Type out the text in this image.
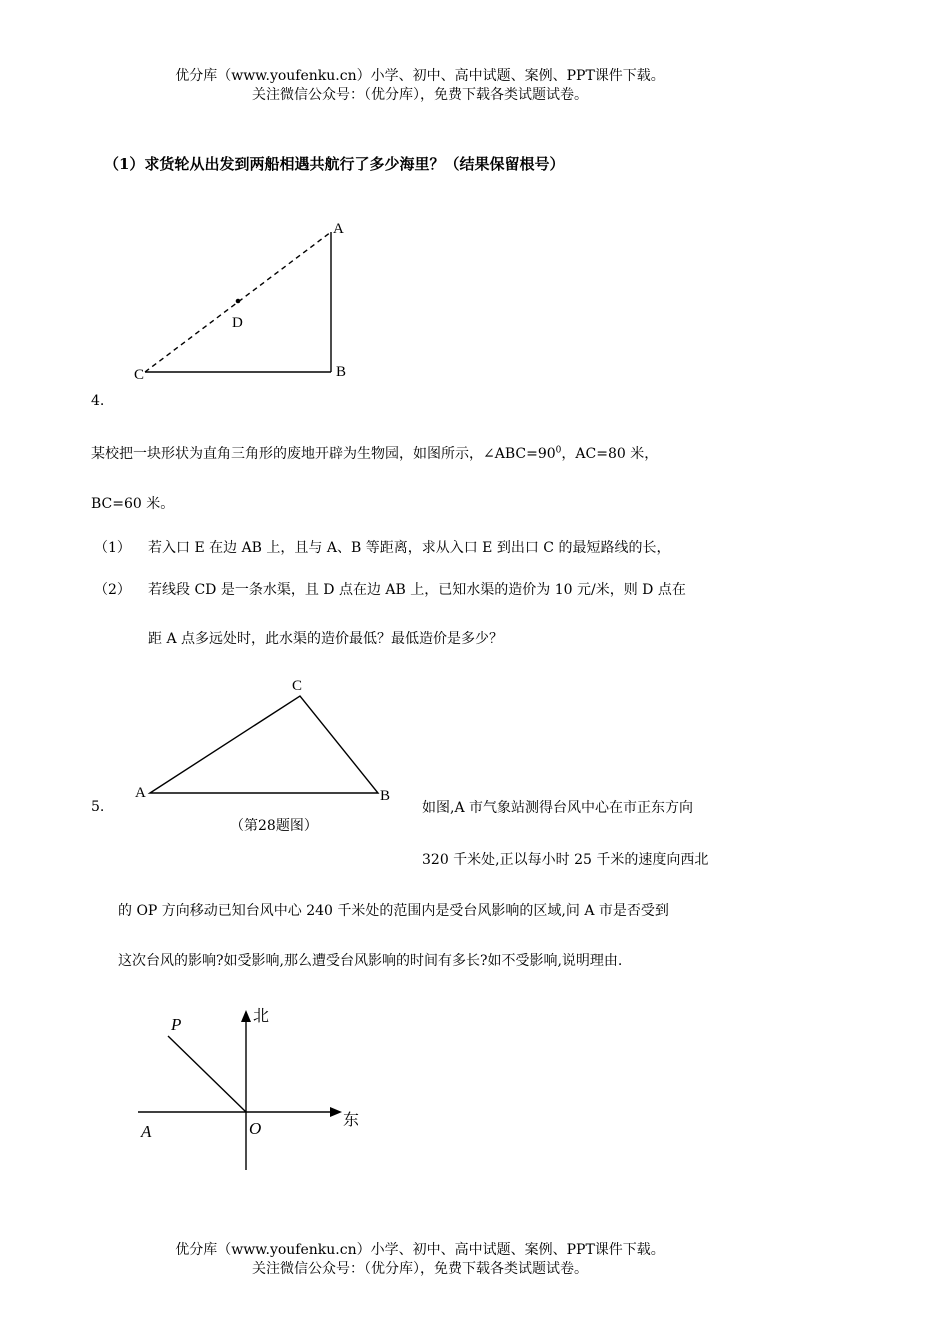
优分库（www.youfenku.cn）小学、初中、高中试题、案例、PPT课件下载。
关注微信公众号：（优分库），免费下载各类试题试卷。
（1）求货轮从出发到两船相遇共航行了多少海里？（结果保留根号）
A
D
C	B
4.
某校把一块形状为直角三角形的废地开辟为生物园，如图所示，$\angle ABC=90^0$，AC=80 米，
BC=60 米。
（1） 若入口 E 在边 AB 上，且与 A、B 等距离，求从入口 E 到出口 C 的最短路线的长，
（2） 若线段 CD 是一条水渠，且 D 点在边 AB 上，已知水渠的造价为 10 元/米，则 D 点在
距 A 点多远处时，此水渠的造价最低？最低造价是多少？
C
A	B
（第28题图）
5.	如图,A 市气象站测得台风中心在市正东方向
320 千米处,正以每小时 25 千米的速度向西北
的 OP 方向移动已知台风中心 240 千米处的范围内是受台风影响的区域,问 A 市是否受到
这次台风的影响?如受影响,那么遭受台风影响的时间有多长?如不受影响,说明理由.
北
东
P
A	O
优分库（www.youfenku.cn）小学、初中、高中试题、案例、PPT课件下载。
关注微信公众号：（优分库），免费下载各类试题试卷。
